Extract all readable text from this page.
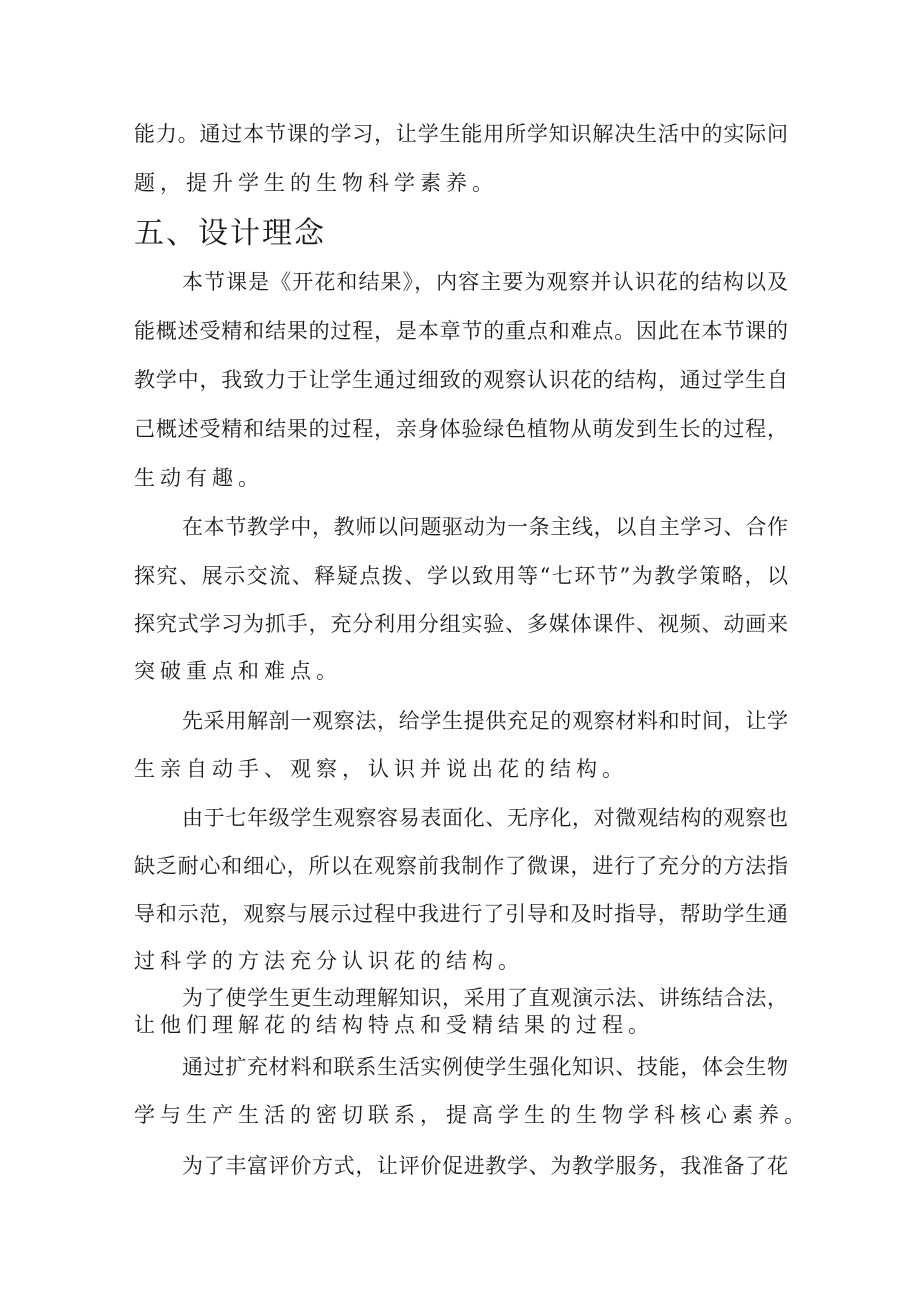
能力。通过本节课的学习，让学生能用所学知识解决生活中的实际问
题，提升学生的生物科学素养。
五、设计理念
本节课是《开花和结果》，内容主要为观察并认识花的结构以及
能概述受精和结果的过程，是本章节的重点和难点。因此在本节课的
教学中，我致力于让学生通过细致的观察认识花的结构，通过学生自
己概述受精和结果的过程，亲身体验绿色植物从萌发到生长的过程，
生动有趣。
在本节教学中，教师以问题驱动为一条主线，以自主学习、合作
探究、展示交流、释疑点拨、学以致用等“七环节”为教学策略，以
探究式学习为抓手，充分利用分组实验、多媒体课件、视频、动画来
突破重点和难点。
先采用解剖一观察法，给学生提供充足的观察材料和时间，让学
生亲自动手、观察，认识并说出花的结构。
由于七年级学生观察容易表面化、无序化，对微观结构的观察也
缺乏耐心和细心，所以在观察前我制作了微课，进行了充分的方法指
导和示范，观察与展示过程中我进行了引导和及时指导，帮助学生通
过科学的方法充分认识花的结构。
为了使学生更生动理解知识，采用了直观演示法、讲练结合法，
让他们理解花的结构特点和受精结果的过程。
通过扩充材料和联系生活实例使学生强化知识、技能，体会生物
学与生产生活的密切联系，提高学生的生物学科核心素养。
为了丰富评价方式，让评价促进教学、为教学服务，我准备了花
